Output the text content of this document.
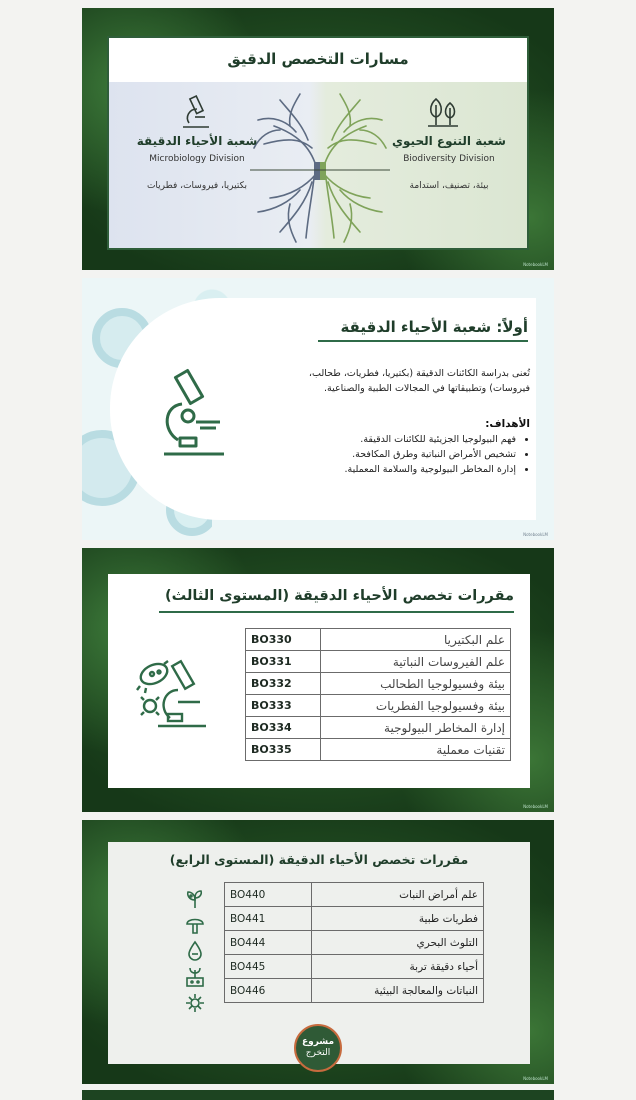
مسارات التخصص الدقيق
شعبة الأحياء الدقيقة
Microbiology Division
بكتيريا، فيروسات، فطريات
شعبة التنوع الحيوي
Biodiversity Division
بيئة، تصنيف، استدامة
NotebookLM
أولاً: شعبة الأحياء الدقيقة
تُعنى بدراسة الكائنات الدقيقة (بكتيريا، فطريات، طحالب، فيروسات) وتطبيقاتها في المجالات الطبية والصناعية.
الأهداف:
• فهم البيولوجيا الجزيئية للكائنات الدقيقة.
• تشخيص الأمراض النباتية وطرق المكافحة.
• إدارة المخاطر البيولوجية والسلامة المعملية.
NotebookLM
مقررات تخصص الأحياء الدقيقة (المستوى الثالث)
BO330	علم البكتيريا
BO331	علم الفيروسات النباتية
BO332	بيئة وفسيولوجيا الطحالب
BO333	بيئة وفسيولوجيا الفطريات
BO334	إدارة المخاطر البيولوجية
BO335	تقنيات معملية
NotebookLM
مقررات تخصص الأحياء الدقيقة (المستوى الرابع)
BO440	علم أمراض النبات
BO441	فطريات طبية
BO444	التلوث البحري
BO445	أحياء دقيقة تربة
BO446	النباتات والمعالجة البيئية
مشروع
التخرج
NotebookLM
